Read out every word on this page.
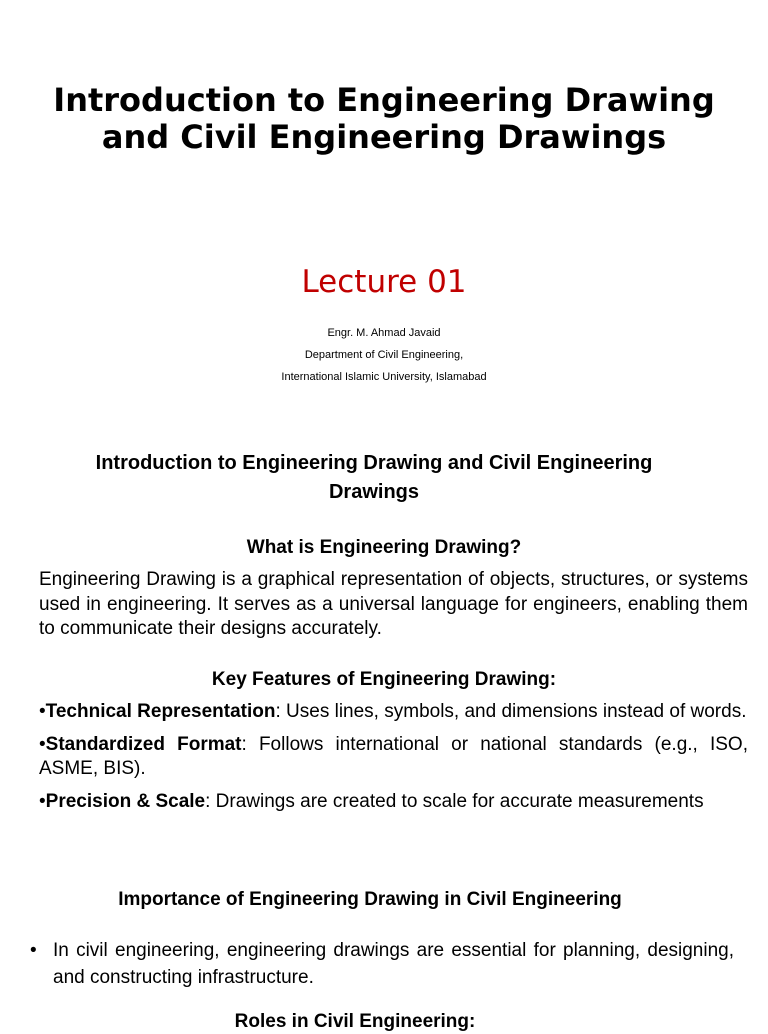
Introduction to Engineering Drawing and Civil Engineering Drawings
Lecture 01
Engr. M. Ahmad Javaid
Department of Civil Engineering,
International Islamic University, Islamabad
Introduction to Engineering Drawing and Civil Engineering Drawings
What is Engineering Drawing?
Engineering Drawing is a graphical representation of objects, structures, or systems used in engineering. It serves as a universal language for engineers, enabling them to communicate their designs accurately.
Key Features of Engineering Drawing:
•Technical Representation: Uses lines, symbols, and dimensions instead of words.
•Standardized Format: Follows international or national standards (e.g., ISO, ASME, BIS).
•Precision & Scale: Drawings are created to scale for accurate measurements
Importance of Engineering Drawing in Civil Engineering
• In civil engineering, engineering drawings are essential for planning, designing, and constructing infrastructure.
Roles in Civil Engineering:
